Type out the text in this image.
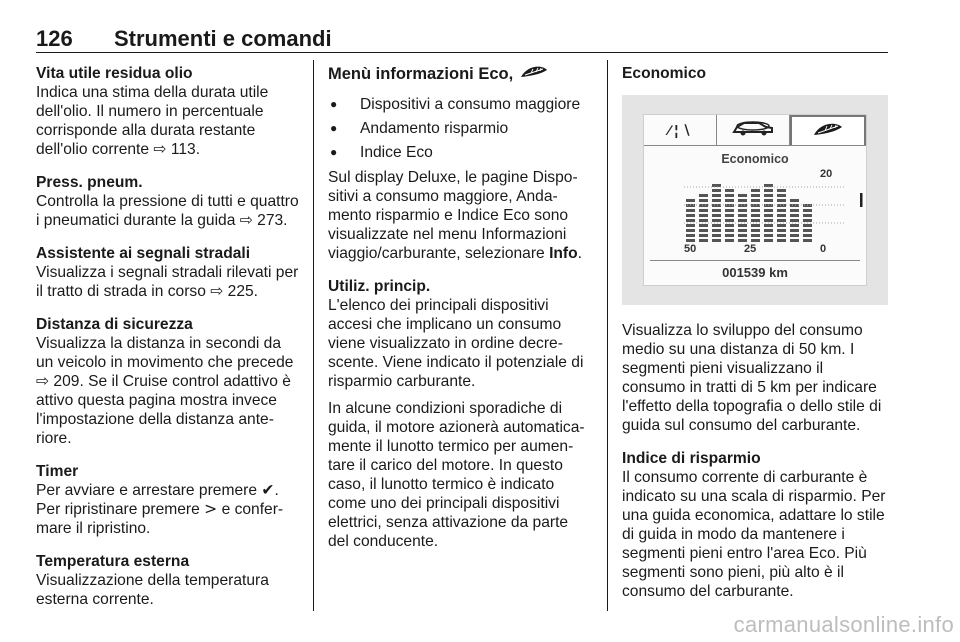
126 Strumenti e comandi
Vita utile residua olio

Indica una stima della durata utile dell'olio. Il numero in percentuale corrisponde alla durata restante dell'olio corrente ⇨ 113.

Press. pneum.

Controlla la pressione di tutti e quattro i pneumatici durante la guida ⇨ 273.

Assistente ai segnali stradali

Visualizza i segnali stradali rilevati per il tratto di strada in corso ⇨ 225.

Distanza di sicurezza

Visualizza la distanza in secondi da un veicolo in movimento che precede ⇨ 209. Se il Cruise control adattivo è attivo questa pagina mostra invece l'impostazione della distanza ante-riore.

Timer

Per avviare e arrestare premere ✔.
Per ripristinare premere > e confer-mare il ripristino.

Temperatura esterna

Visualizzazione della temperatura esterna corrente.

Menù informazioni Eco,
● Dispositivi a consumo maggiore
● Andamento risparmio
● Indice Eco

Sul display Deluxe, le pagine Dispo-sitivi a consumo maggiore, Anda-mento risparmio e Indice Eco sono visualizzate nel menu Informazioni viaggio/carburante, selezionare Info.

Utiliz. princip.

L'elenco dei principali dispositivi accesi che implicano un consumo viene visualizzato in ordine decre-scente. Viene indicato il potenziale di risparmio carburante.

In alcune condizioni sporadiche di guida, il motore azionerà automatica-mente il lunotto termico per aumen-tare il carico del motore. In questo caso, il lunotto termico è indicato come uno dei principali dispositivi elettrici, senza attivazione da parte del conducente.

Economico
⁄ ¦ ∖
Economico
20
50	25	0
001539 km

Visualizza lo sviluppo del consumo medio su una distanza di 50 km. I segmenti pieni visualizzano il consumo in tratti di 5 km per indicare l'effetto della topografia o dello stile di guida sul consumo del carburante.

Indice di risparmio

Il consumo corrente di carburante è indicato su una scala di risparmio. Per una guida economica, adattare lo stile di guida in modo da mantenere i segmenti pieni entro l'area Eco. Più segmenti sono pieni, più alto è il consumo del carburante.

carmanualsonline.info
